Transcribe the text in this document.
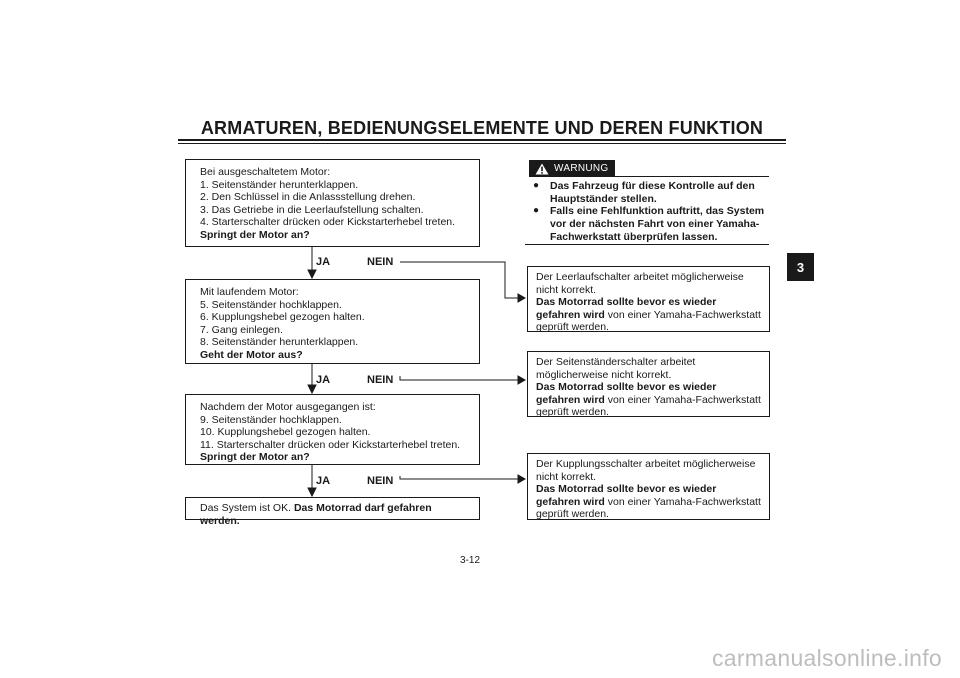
ARMATUREN, BEDIENUNGSELEMENTE UND DEREN FUNKTION
3
Bei ausgeschaltetem Motor:
1. Seitenständer herunterklappen.
2. Den Schlüssel in die Anlassstellung drehen.
3. Das Getriebe in die Leerlaufstellung schalten.
4. Starterschalter drücken oder Kickstarterhebel treten.
Springt der Motor an?
JA	NEIN
Mit laufendem Motor:
5. Seitenständer hochklappen.
6. Kupplungshebel gezogen halten.
7. Gang einlegen.
8. Seitenständer herunterklappen.
Geht der Motor aus?
JA	NEIN
Nachdem der Motor ausgegangen ist:
9. Seitenständer hochklappen.
10. Kupplungshebel gezogen halten.
11. Starterschalter drücken oder Kickstarterhebel treten.
Springt der Motor an?
JA	NEIN
Das System ist OK. Das Motorrad darf gefahren werden.
WARNUNG
● Das Fahrzeug für diese Kontrolle auf den Hauptständer stellen.
● Falls eine Fehlfunktion auftritt, das System vor der nächsten Fahrt von einer Yamaha-Fachwerkstatt überprüfen lassen.
Der Leerlaufschalter arbeitet möglicherweise nicht korrekt.
Das Motorrad sollte bevor es wieder gefahren wird von einer Yamaha-Fachwerkstatt geprüft werden.
Der Seitenständerschalter arbeitet möglicherweise nicht korrekt.
Das Motorrad sollte bevor es wieder gefahren wird von einer Yamaha-Fachwerkstatt geprüft werden.
Der Kupplungsschalter arbeitet möglicherweise nicht korrekt.
Das Motorrad sollte bevor es wieder gefahren wird von einer Yamaha-Fachwerkstatt geprüft werden.
3-12
carmanualsonline.info
